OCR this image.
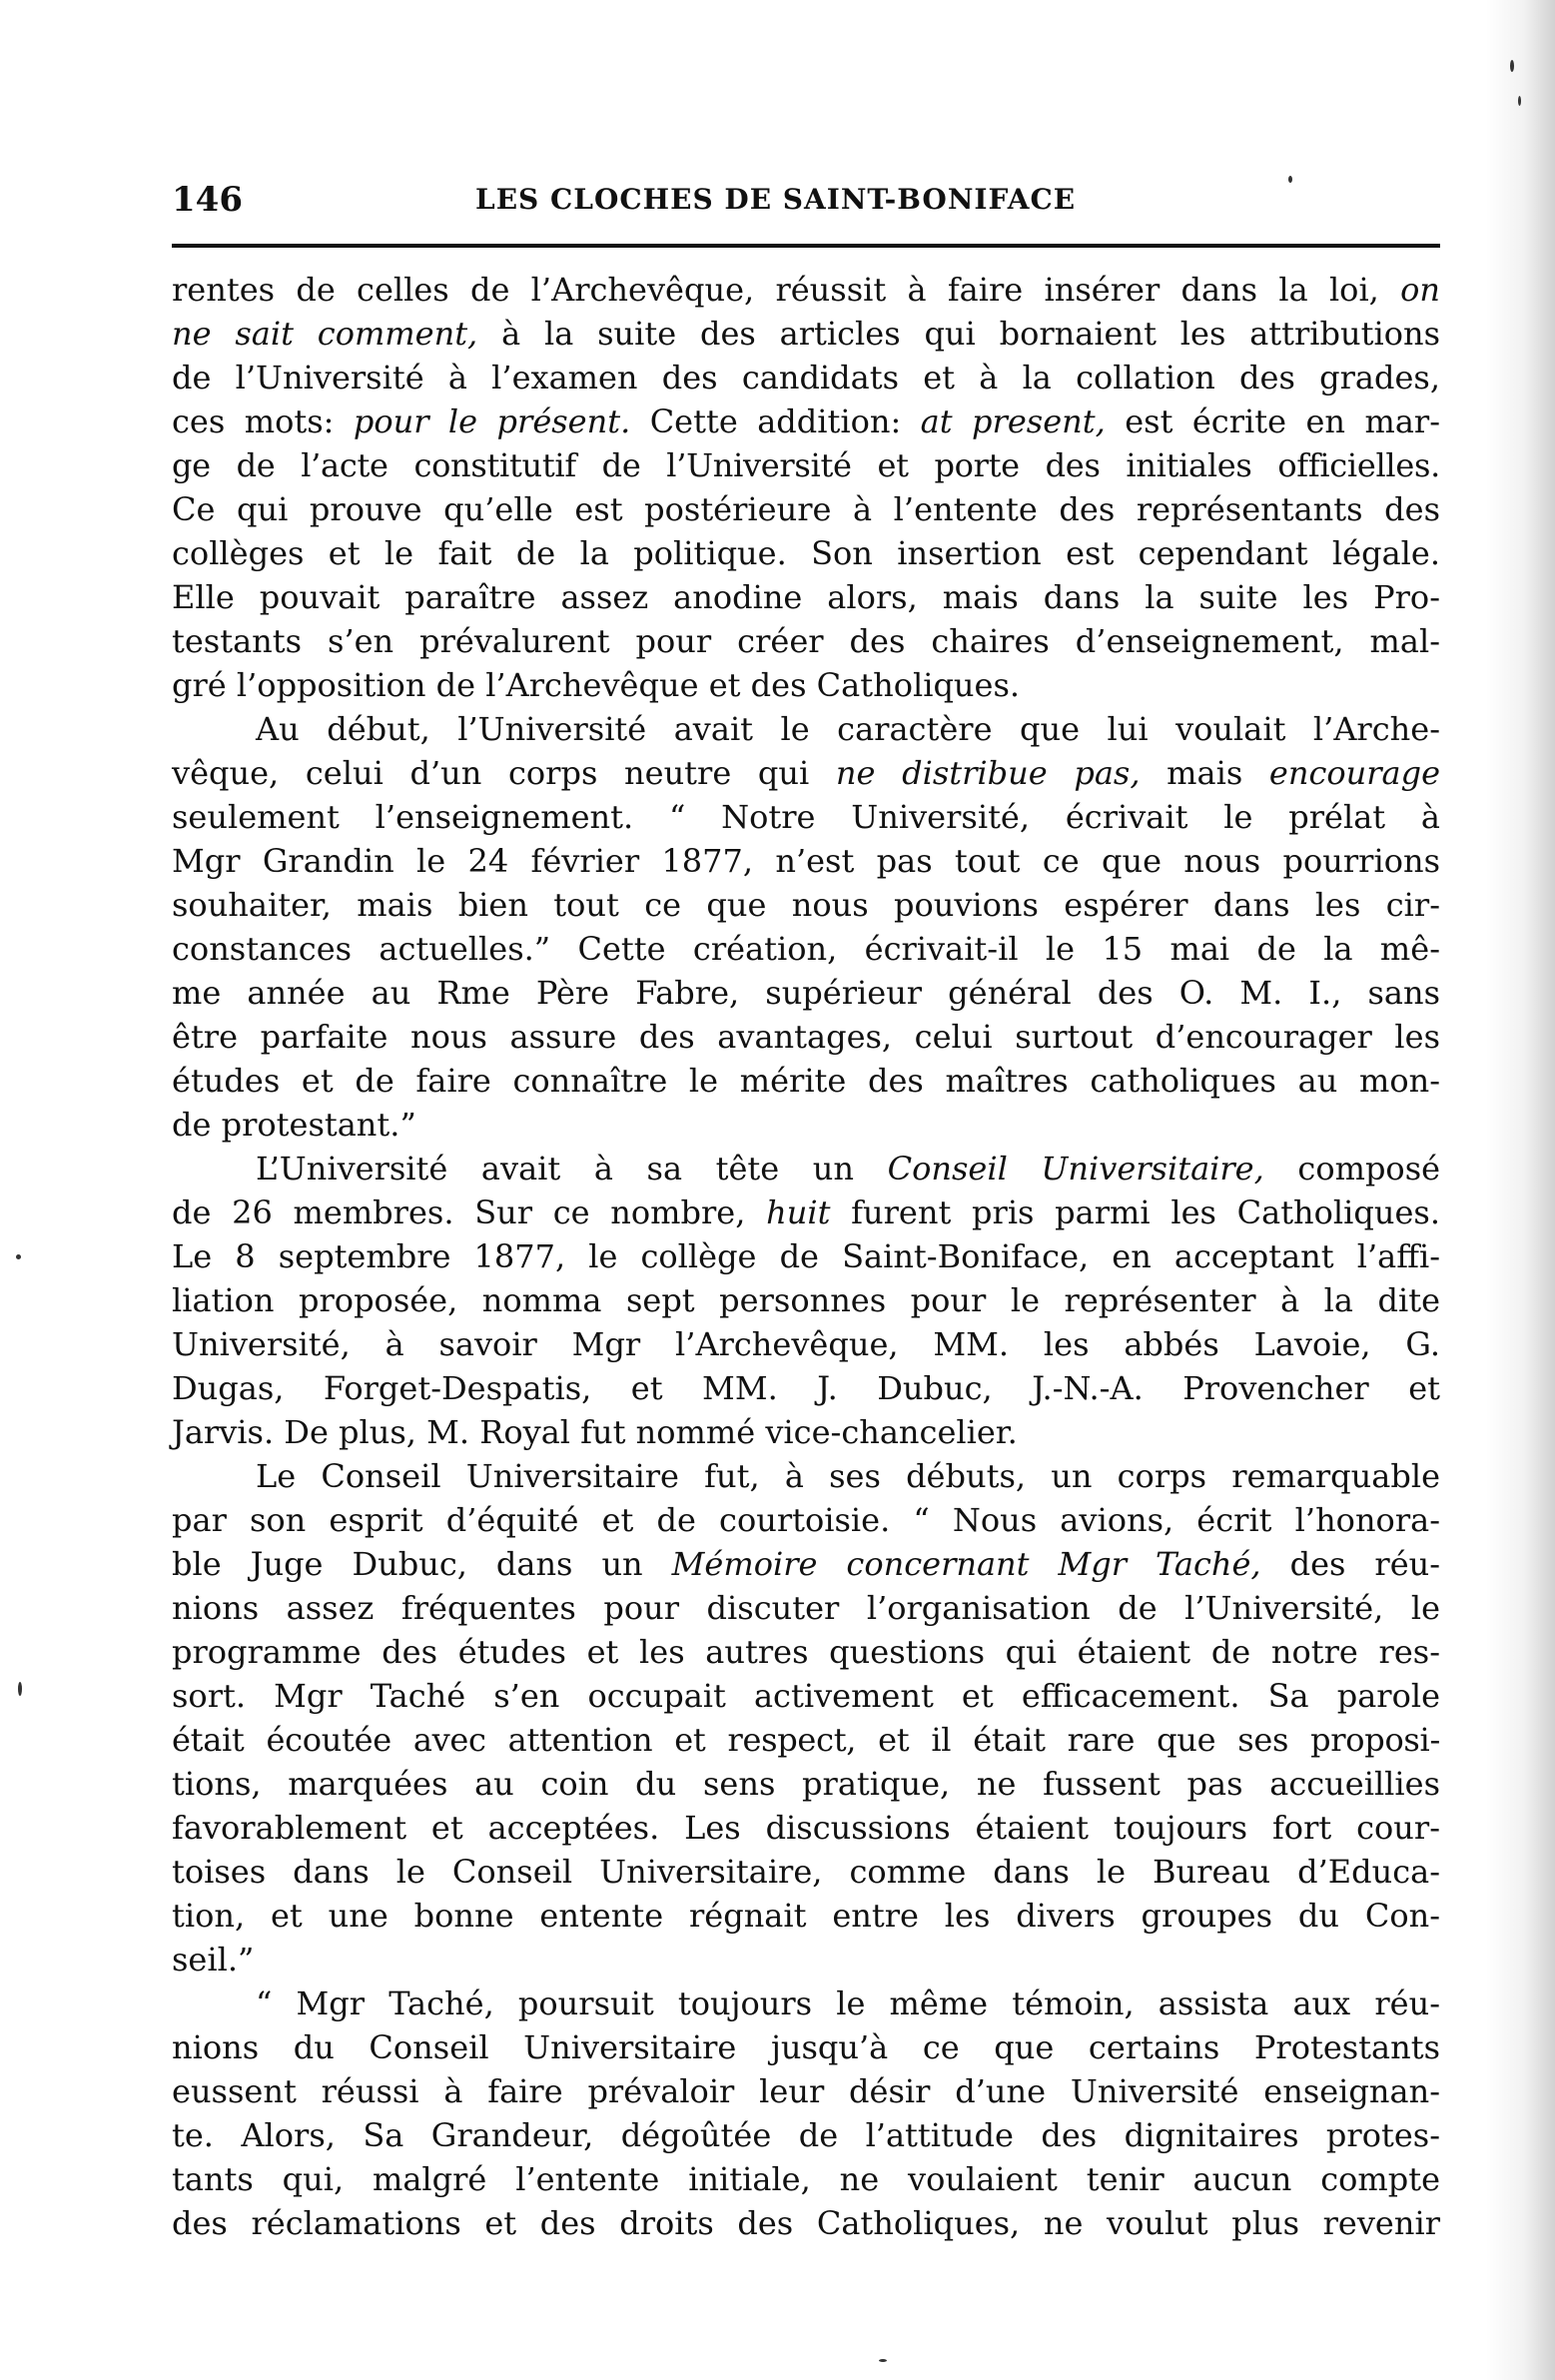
146	LES CLOCHES DE SAINT-BONIFACE
rentes de celles de l’Archevêque, réussit à faire insérer dans la loi, on
ne sait comment, à la suite des articles qui bornaient les attributions
de l’Université à l’examen des candidats et à la collation des grades,
ces mots: pour le présent. Cette addition: at present, est écrite en mar-
ge de l’acte constitutif de l’Université et porte des initiales officielles.
Ce qui prouve qu’elle est postérieure à l’entente des représentants des
collèges et le fait de la politique. Son insertion est cependant légale.
Elle pouvait paraître assez anodine alors, mais dans la suite les Pro-
testants s’en prévalurent pour créer des chaires d’enseignement, mal-
gré l’opposition de l’Archevêque et des Catholiques.
Au début, l’Université avait le caractère que lui voulait l’Arche-
vêque, celui d’un corps neutre qui ne distribue pas, mais encourage
seulement l’enseignement. “ Notre Université, écrivait le prélat à
Mgr Grandin le 24 février 1877, n’est pas tout ce que nous pourrions
souhaiter, mais bien tout ce que nous pouvions espérer dans les cir-
constances actuelles.” Cette création, écrivait-il le 15 mai de la mê-
me année au Rme Père Fabre, supérieur général des O. M. I., sans
être parfaite nous assure des avantages, celui surtout d’encourager les
études et de faire connaître le mérite des maîtres catholiques au mon-
de protestant.”
L’Université avait à sa tête un Conseil Universitaire, composé
de 26 membres. Sur ce nombre, huit furent pris parmi les Catholiques.
Le 8 septembre 1877, le collège de Saint-Boniface, en acceptant l’affi-
liation proposée, nomma sept personnes pour le représenter à la dite
Université, à savoir Mgr l’Archevêque, MM. les abbés Lavoie, G.
Dugas, Forget-Despatis, et MM. J. Dubuc, J.-N.-A. Provencher et
Jarvis. De plus, M. Royal fut nommé vice-chancelier.
Le Conseil Universitaire fut, à ses débuts, un corps remarquable
par son esprit d’équité et de courtoisie. “ Nous avions, écrit l’honora-
ble Juge Dubuc, dans un Mémoire concernant Mgr Taché, des réu-
nions assez fréquentes pour discuter l’organisation de l’Université, le
programme des études et les autres questions qui étaient de notre res-
sort. Mgr Taché s’en occupait activement et efficacement. Sa parole
était écoutée avec attention et respect, et il était rare que ses proposi-
tions, marquées au coin du sens pratique, ne fussent pas accueillies
favorablement et acceptées. Les discussions étaient toujours fort cour-
toises dans le Conseil Universitaire, comme dans le Bureau d’Educa-
tion, et une bonne entente régnait entre les divers groupes du Con-
seil.”
“ Mgr Taché, poursuit toujours le même témoin, assista aux réu-
nions du Conseil Universitaire jusqu’à ce que certains Protestants
eussent réussi à faire prévaloir leur désir d’une Université enseignan-
te. Alors, Sa Grandeur, dégoûtée de l’attitude des dignitaires protes-
tants qui, malgré l’entente initiale, ne voulaient tenir aucun compte
des réclamations et des droits des Catholiques, ne voulut plus revenir
